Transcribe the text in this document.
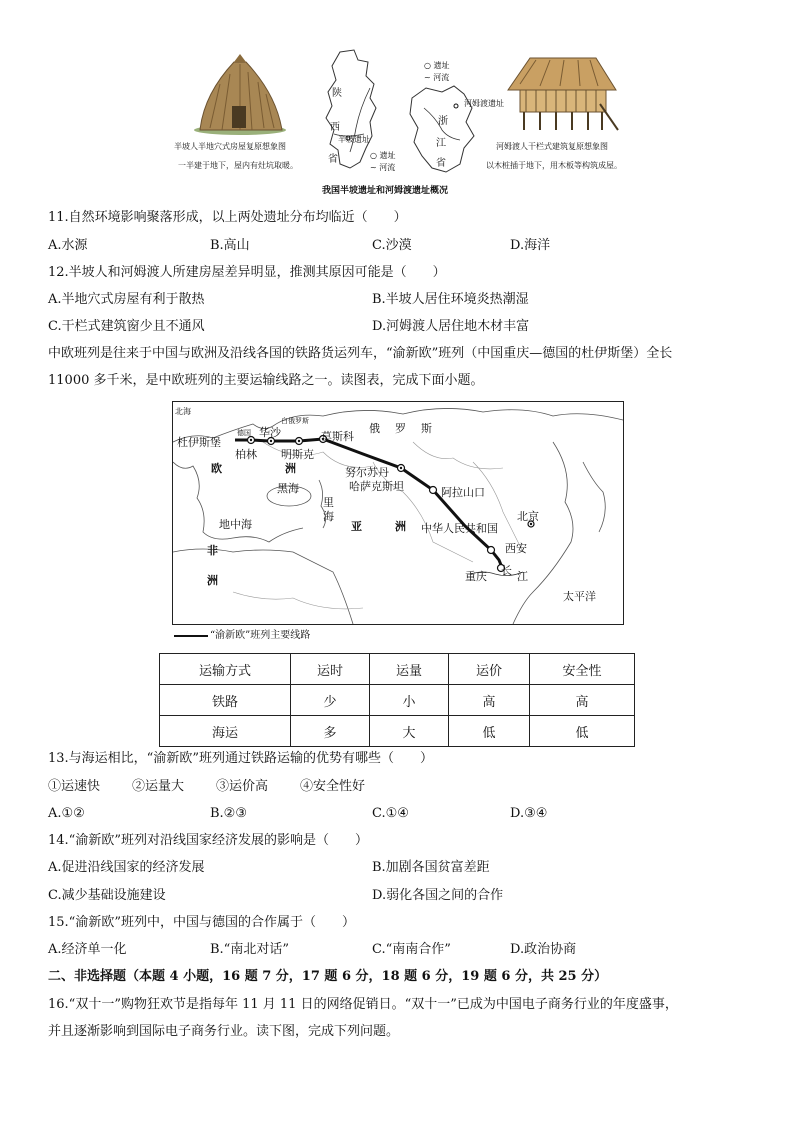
半坡人半地穴式房屋复原想象图
一半建于地下，屋内有灶坑取暖。
陕
西
省
半坡遗址
○ 遗址
~ 河流
○ 遗址
~ 河流
河姆渡遗址
浙
江
省
河姆渡人干栏式建筑复原想象图
以木桩插于地下，用木板等构筑成屋。
我国半坡遗址和河姆渡遗址概况
11.自然环境影响聚落形成，以上两处遗址分布均临近（　　）
A.水源	B.高山	C.沙漠	D.海洋
12.半坡人和河姆渡人所建房屋差异明显，推测其原因可能是（　　）
A.半地穴式房屋有利于散热	B.半坡人居住环境炎热潮湿
C.干栏式建筑窗少且不通风	D.河姆渡人居住地木材丰富
中欧班列是往来于中国与欧洲及沿线各国的铁路货运列车，“渝新欧”班列（中国重庆—德国的杜伊斯堡）全长
11000 多千米，是中欧班列的主要运输线路之一。读图表，完成下面小题。
北海
德国
白俄罗斯
杜伊斯堡
华沙	莫斯科
俄 罗 斯
柏林 明斯克
欧	洲	努尔苏丹
哈萨克斯坦
黑海	阿拉山口
里
海
地中海	亚	洲
北京
中华人民共和国
非	西安
长 江
重庆
洲
太平洋
“渝新欧”班列主要线路
运输方式	运时	运量	运价	安全性
铁路	少	小	高	高
海运	多	大	低	低
13.与海运相比，“渝新欧”班列通过铁路运输的优势有哪些（　　）
①运速快 ②运量大 ③运价高 ④安全性好
A.①②	B.②③	C.①④	D.③④
14.“渝新欧”班列对沿线国家经济发展的影响是（　　）
A.促进沿线国家的经济发展	B.加剧各国贫富差距
C.减少基础设施建设	D.弱化各国之间的合作
15.“渝新欧”班列中，中国与德国的合作属于（　　）
A.经济单一化	B.“南北对话”	C.“南南合作”	D.政治协商
二、非选择题（本题 4 小题，16 题 7 分，17 题 6 分，18 题 6 分，19 题 6 分，共 25 分）
16.“双十一”购物狂欢节是指每年 11 月 11 日的网络促销日。“双十一”已成为中国电子商务行业的年度盛事，
并且逐渐影响到国际电子商务行业。读下图，完成下列问题。
